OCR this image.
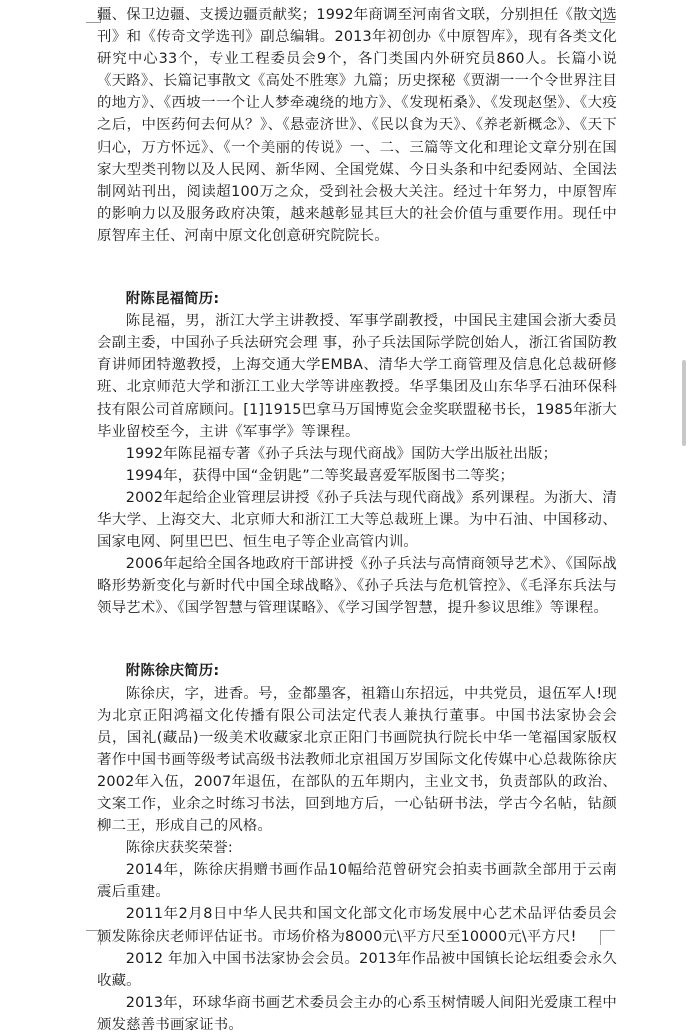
疆、保卫边疆、支援边疆贡献奖；1992年商调至河南省文联，分别担任《散文选刊》和《传奇文学选刊》副总编辑。2013年初创办《中原智库》，现有各类文化研究中心33个，专业工程委员会9个，各门类国内外研究员860人。长篇小说《天路》、长篇记事散文《高处不胜寒》九篇；历史探秘《贾湖一一个令世界注目的地方》、《西坡一一个让人梦牵魂绕的地方》、《发现柘桑》、《发现赵堡》、《大疫之后，中医药何去何从？》、《悬壶济世》、《民以食为天》、《养老新概念》、《天下归心，万方怀远》、《一个美丽的传说》一、二、三篇等文化和理论文章分别在国家大型类刊物以及人民网、新华网、全国党媒、今日头条和中纪委网站、全国法制网站刊出，阅读超100万之众，受到社会极大关注。经过十年努力，中原智库的影响力以及服务政府决策，越来越彰显其巨大的社会价值与重要作用。现任中原智库主任、河南中原文化创意研究院院长。

附陈昆福简历:

陈昆福，男，浙江大学主讲教授、军事学副教授，中国民主建国会浙大委员会副主委，中国孙子兵法研究会理 事，孙子兵法国际学院创始人，浙江省国防教育讲师团特邀教授，上海交通大学EMBA、清华大学工商管理及信息化总裁研修班、北京师范大学和浙江工业大学等讲座教授。华孚集团及山东华孚石油环保科技有限公司首席顾问。[1]1915巴拿马万国博览会金奖联盟秘书长，1985年浙大毕业留校至今，主讲《军事学》等课程。

1992年陈昆福专著《孙子兵法与现代商战》国防大学出版社出版；

1994年，获得中国“金钥匙”二等奖最喜爱军版图书二等奖；

2002年起给企业管理层讲授《孙子兵法与现代商战》系列课程。为浙大、清华大学、上海交大、北京师大和浙江工大等总裁班上课。为中石油、中国移动、国家电网、阿里巴巴、恒生电子等企业高管内训。

2006年起给全国各地政府干部讲授《孙子兵法与高情商领导艺术》、《国际战略形势新变化与新时代中国全球战略》、《孙子兵法与危机管控》、《毛泽东兵法与领导艺术》、《国学智慧与管理谋略》、《学习国学智慧，提升参议思维》等课程。

附陈徐庆简历:

陈徐庆，字，进香。号，金都墨客，祖籍山东招远，中共党员，退伍军人!现为北京正阳鸿福文化传播有限公司法定代表人兼执行董事。中国书法家协会会员，国礼(藏品)一级美术收藏家北京正阳门书画院执行院长中华一笔福国家版权著作中国书画等级考试高级书法教师北京祖国万岁国际文化传媒中心总裁陈徐庆2002年入伍，2007年退伍，在部队的五年期内，主业文书，负责部队的政治、文案工作，业余之时练习书法，回到地方后，一心钻研书法，学古今名帖，钻颜柳二王，形成自己的风格。

陈徐庆获奖荣誉:

2014年，陈徐庆捐赠书画作品10幅给范曾研究会拍卖书画款全部用于云南震后重建。

2011年2月8日中华人民共和国文化部文化市场发展中心艺术品评估委员会颁发陈徐庆老师评估证书。市场价格为8000元\平方尺至10000元\平方尺!

2012 年加入中国书法家协会会员。2013年作品被中国镇长论坛组委会永久收藏。

2013年，环球华商书画艺术委员会主办的心系玉树情暖人间阳光爱康工程中颁发慈善书画家证书。
